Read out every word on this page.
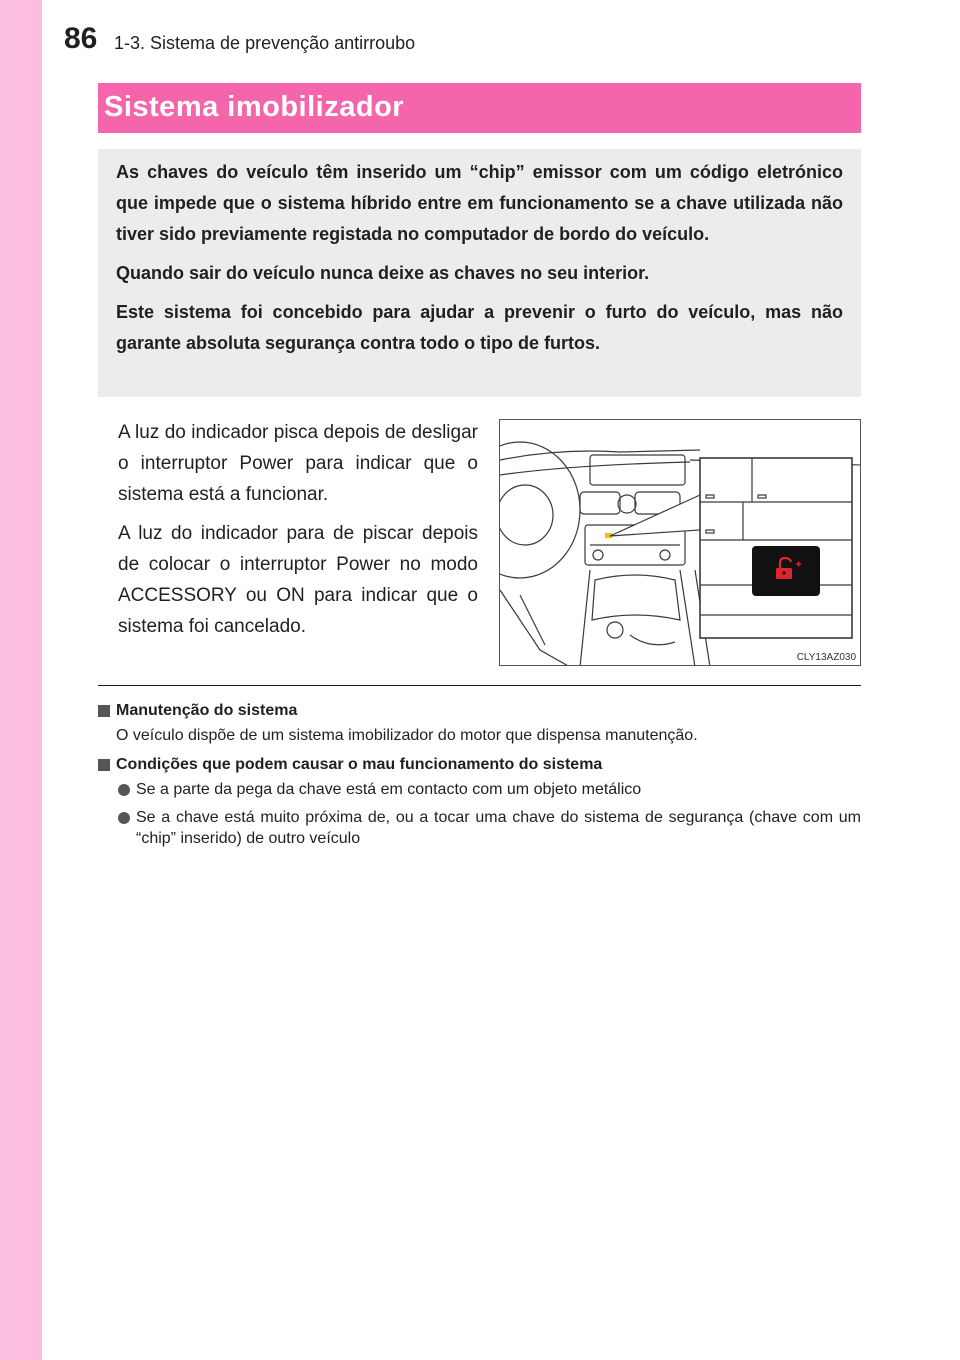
86 1-3. Sistema de prevenção antirroubo
Sistema imobilizador

As chaves do veículo têm inserido um “chip” emissor com um código eletrónico que impede que o sistema híbrido entre em funcionamento se a chave utilizada não tiver sido previamente registada no computador de bordo do veículo.

Quando sair do veículo nunca deixe as chaves no seu interior.

Este sistema foi concebido para ajudar a prevenir o furto do veículo, mas não garante absoluta segurança contra todo o tipo de furtos.

A luz do indicador pisca depois de desligar o interruptor Power para indicar que o sistema está a funcionar.

A luz do indicador para de piscar depois de colocar o interruptor Power no modo ACCESSORY ou ON para indicar que o sistema foi cancelado.

CLY13AZ030
Manutenção do sistema
O veículo dispõe de um sistema imobilizador do motor que dispensa manutenção.
Condições que podem causar o mau funcionamento do sistema
Se a parte da pega da chave está em contacto com um objeto metálico
Se a chave está muito próxima de, ou a tocar uma chave do sistema de segurança (chave com um “chip” inserido) de outro veículo
